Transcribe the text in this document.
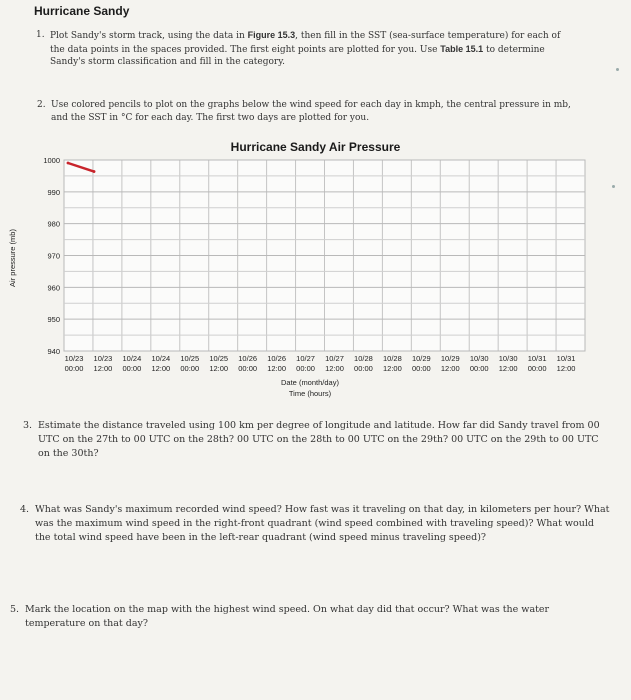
Hurricane Sandy
1. Plot Sandy's storm track, using the data in Figure 15.3, then fill in the SST (sea-surface temperature) for each of the data points in the spaces provided. The first eight points are plotted for you. Use Table 15.1 to determine Sandy's storm classification and fill in the category.
2. Use colored pencils to plot on the graphs below the wind speed for each day in kmph, the central pressure in mb, and the SST in °C for each day. The first two days are plotted for you.
Hurricane Sandy Air Pressure
1000
990
980
970
960
950
940
10/23
00:00
10/23
12:00
10/24
00:00
10/24
12:00
10/25
00:00
10/25
12:00
10/26
00:00
10/26
12:00
10/27
00:00
10/27
12:00
10/28
00:00
10/28
12:00
10/29
00:00
10/29
12:00
10/30
00:00
10/30
12:00
10/31
00:00
10/31
12:00
Air pressure (mb)
Date (month/day)
Time (hours)
3. Estimate the distance traveled using 100 km per degree of longitude and latitude. How far did Sandy travel from 00 UTC on the 27th to 00 UTC on the 28th? 00 UTC on the 28th to 00 UTC on the 29th? 00 UTC on the 29th to 00 UTC on the 30th?
4. What was Sandy's maximum recorded wind speed? How fast was it traveling on that day, in kilometers per hour? What was the maximum wind speed in the right-front quadrant (wind speed combined with traveling speed)? What would the total wind speed have been in the left-rear quadrant (wind speed minus traveling speed)?
5. Mark the location on the map with the highest wind speed. On what day did that occur? What was the water temperature on that day?
